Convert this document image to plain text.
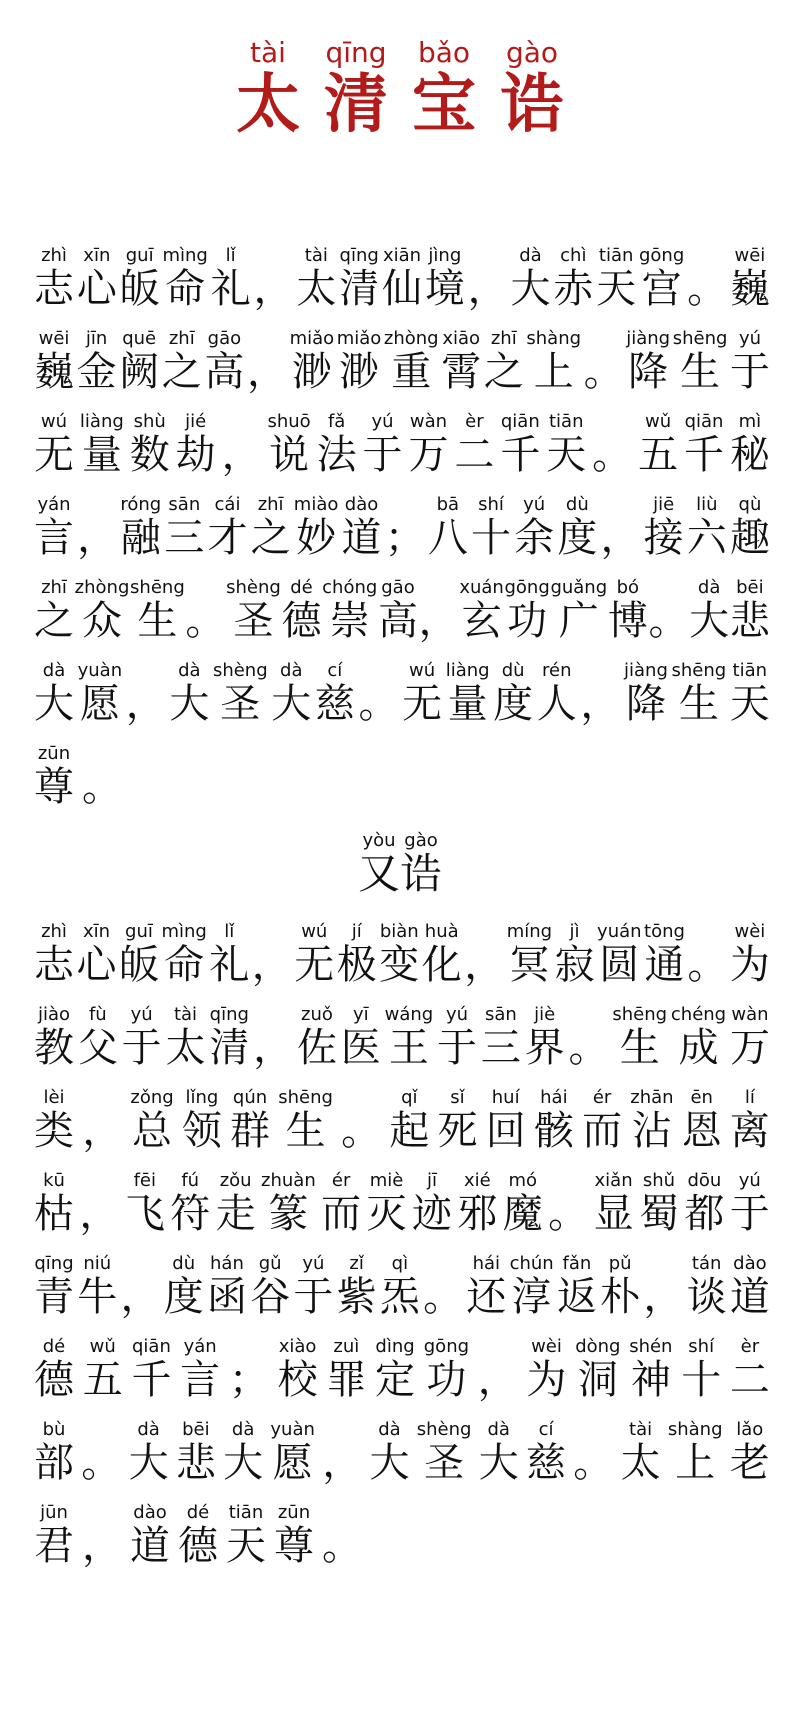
太tài清qīng宝bǎo诰gào
志zhì
心xīn
皈guī
命mìng
礼lǐ
， 太tài
清qīng
仙xiān
境jìng
， 大dà
赤chì
天tiān
宫gōng
。 巍wēi
巍wēi
金jīn
阙quē
之zhī
高gāo
， 渺miǎo
渺miǎo
重zhòng
霄xiāo
之zhī
上shàng
。 降jiàng
生shēng
于yú
无wú
量liàng
数shù
劫jié
， 说shuō
法fǎ
于yú
万wàn
二èr
千qiān
天tiān
。 五wǔ
千qiān
秘mì
言yán
， 融róng
三sān
才cái
之zhī
妙miào
道dào
； 八bā
十shí
余yú
度dù
， 接jiē
六liù
趣qù
之zhī
众zhòng
生shēng
。 圣shèng
德dé
崇chóng
高gāo
， 玄xuán
功gōng
广guǎng
博bó
。 大dà
悲bēi
大dà
愿yuàn
， 大dà
圣shèng
大dà
慈cí
。 无wú
量liàng
度dù
人rén
， 降jiàng
生shēng
天tiān
尊zūn
。
又yòu诰gào
志zhì
心xīn
皈guī
命mìng
礼lǐ
， 无wú
极jí
变biàn
化huà
， 冥míng
寂jì
圆yuán
通tōng
。 为wèi
教jiào
父fù
于yú
太tài
清qīng
， 佐zuǒ
医yī
王wáng
于yú
三sān
界jiè
。 生shēng
成chéng
万wàn
类lèi
， 总zǒng
领lǐng
群qún
生shēng
。 起qǐ
死sǐ
回huí
骸hái
而ér
沾zhān
恩ēn
离lí
枯kū
， 飞fēi
符fú
走zǒu
篆zhuàn
而ér
灭miè
迹jī
邪xié
魔mó
。 显xiǎn
蜀shǔ
都dōu
于yú
青qīng
牛niú
， 度dù
函hán
谷gǔ
于yú
紫zǐ
炁qì
。 还hái
淳chún
返fǎn
朴pǔ
， 谈tán
道dào
德dé
五wǔ
千qiān
言yán
； 校xiào
罪zuì
定dìng
功gōng
， 为wèi
洞dòng
神shén
十shí
二èr
部bù
。 大dà
悲bēi
大dà
愿yuàn
， 大dà
圣shèng
大dà
慈cí
。 太tài
上shàng
老lǎo
君jūn
， 道dào
德dé
天tiān
尊zūn
。
